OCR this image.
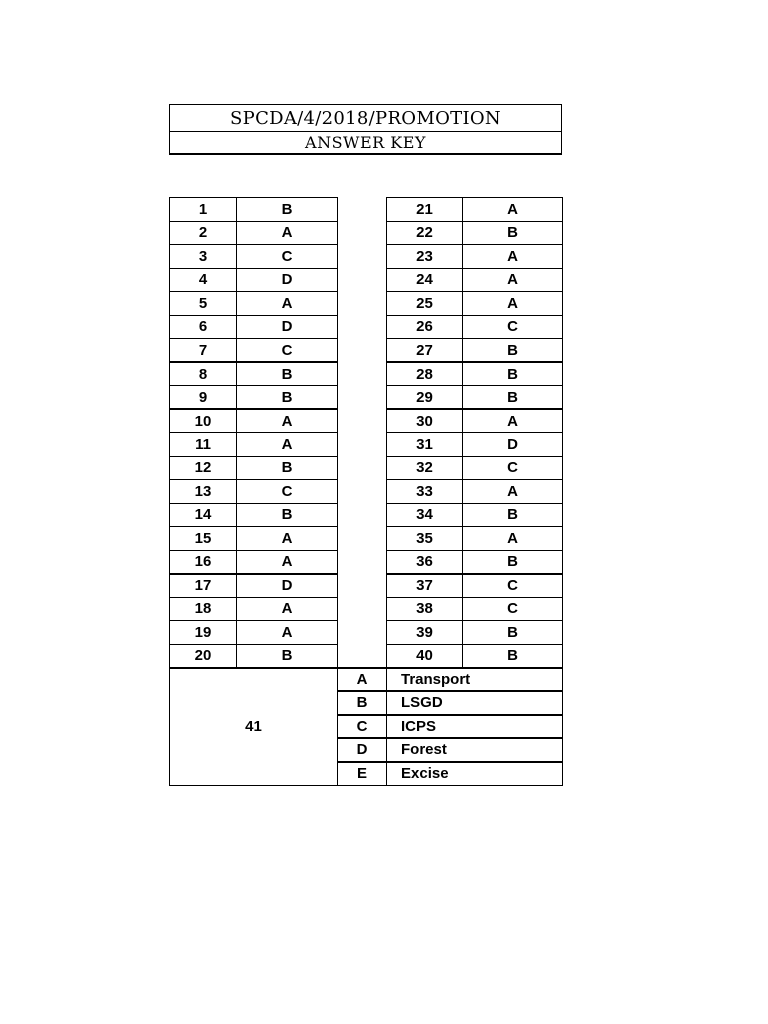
SPCDA/4/2018/PROMOTION
ANSWER KEY
1	B		21	A
2	A		22	B
3	C		23	A
4	D		24	A
5	A		25	A
6	D		26	C
7	C		27	B
8	B		28	B
9	B		29	B
10	A		30	A
11	A		31	D
12	B		32	C
13	C		33	A
14	B		34	B
15	A		35	A
16	A		36	B
17	D		37	C
18	A		38	C
19	A		39	B
20	B		40	B
41		A	Transport	
		B	LSGD	
		C	ICPS	
		D	Forest	
		E	Excise	
